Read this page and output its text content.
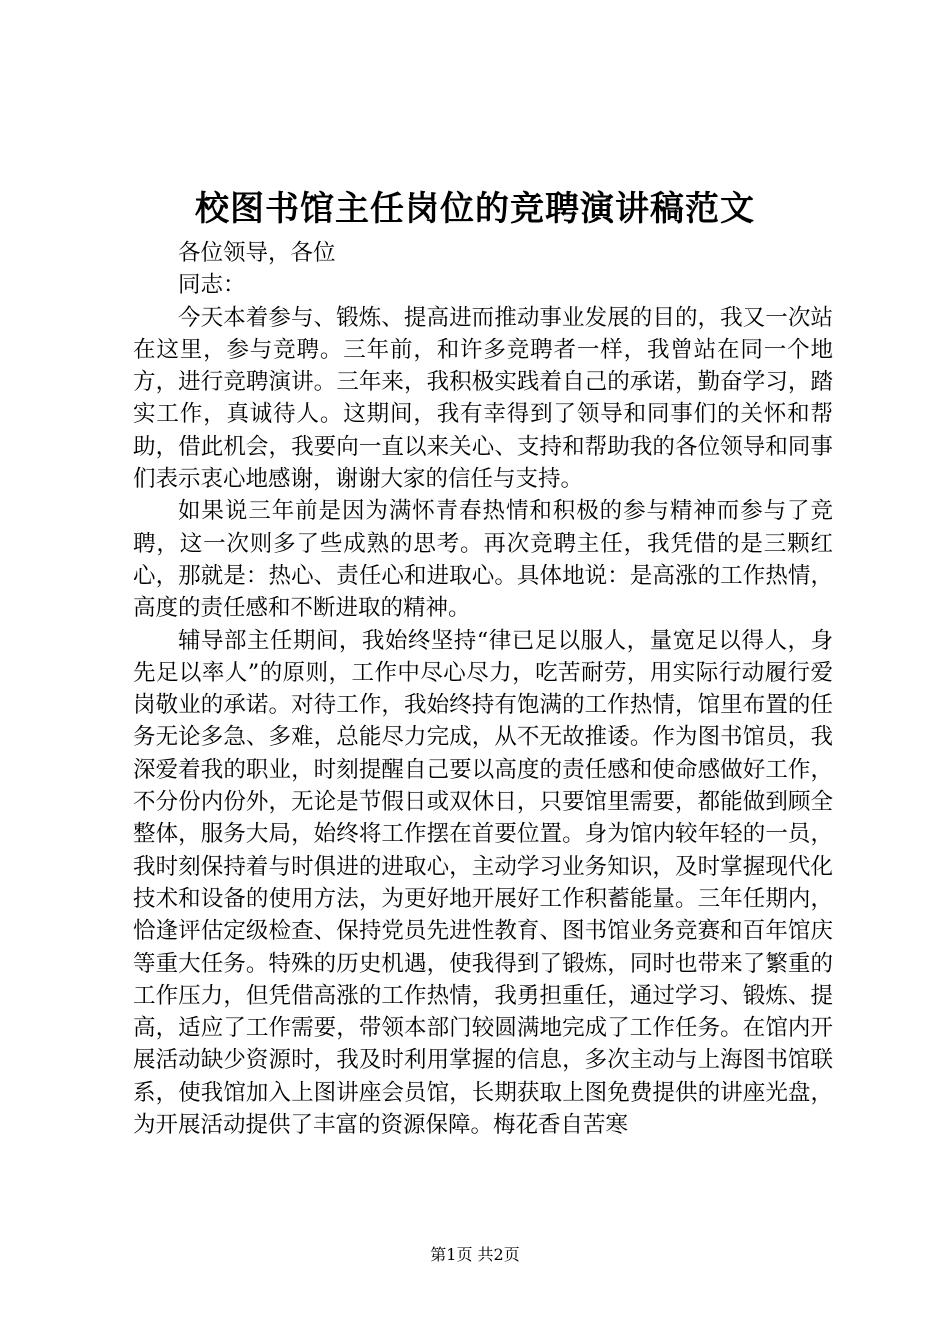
校图书馆主任岗位的竞聘演讲稿范文

各位领导，各位

同志：

今天本着参与、锻炼、提高进而推动事业发展的目的，我又一次站在这里，参与竞聘。三年前，和许多竞聘者一样，我曾站在同一个地方，进行竞聘演讲。三年来，我积极实践着自己的承诺，勤奋学习，踏实工作，真诚待人。这期间，我有幸得到了领导和同事们的关怀和帮助，借此机会，我要向一直以来关心、支持和帮助我的各位领导和同事们表示衷心地感谢，谢谢大家的信任与支持。

如果说三年前是因为满怀青春热情和积极的参与精神而参与了竞聘，这一次则多了些成熟的思考。再次竞聘主任，我凭借的是三颗红心，那就是：热心、责任心和进取心。具体地说：是高涨的工作热情，高度的责任感和不断进取的精神。

辅导部主任期间，我始终坚持“律已足以服人，量宽足以得人，身先足以率人”的原则，工作中尽心尽力，吃苦耐劳，用实际行动履行爱岗敬业的承诺。对待工作，我始终持有饱满的工作热情，馆里布置的任务无论多急、多难，总能尽力完成，从不无故推诿。作为图书馆员，我深爱着我的职业，时刻提醒自己要以高度的责任感和使命感做好工作，不分份内份外，无论是节假日或双休日，只要馆里需要，都能做到顾全整体，服务大局，始终将工作摆在首要位置。身为馆内较年轻的一员，我时刻保持着与时俱进的进取心，主动学习业务知识，及时掌握现代化技术和设备的使用方法，为更好地开展好工作积蓄能量。三年任期内，恰逢评估定级检查、保持党员先进性教育、图书馆业务竞赛和百年馆庆等重大任务。特殊的历史机遇，使我得到了锻炼，同时也带来了繁重的工作压力，但凭借高涨的工作热情，我勇担重任，通过学习、锻炼、提高，适应了工作需要，带领本部门较圆满地完成了工作任务。在馆内开展活动缺少资源时，我及时利用掌握的信息，多次主动与上海图书馆联系，使我馆加入上图讲座会员馆，长期获取上图免费提供的讲座光盘，为开展活动提供了丰富的资源保障。梅花香自苦寒

第1页 共2页
